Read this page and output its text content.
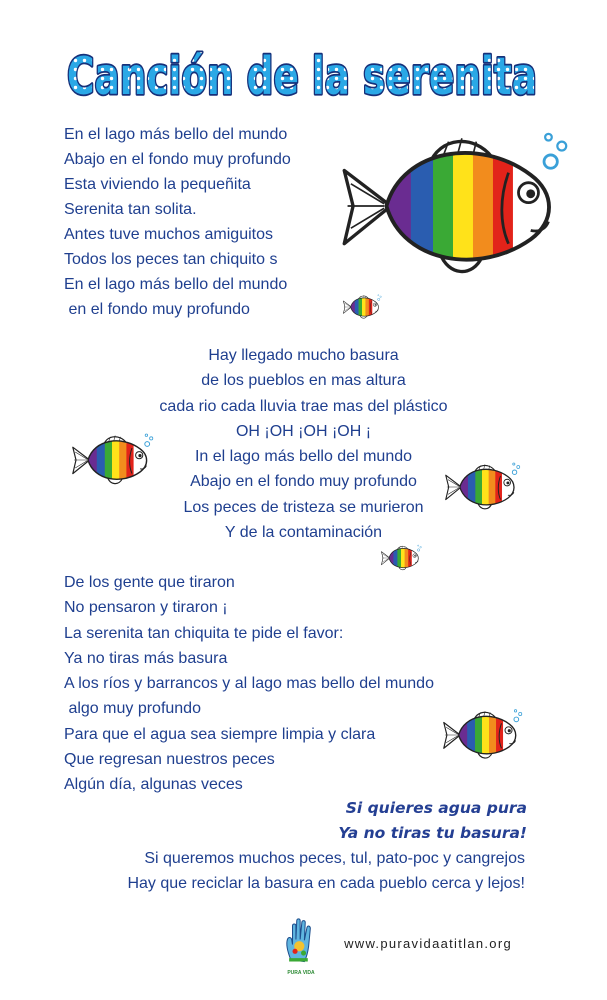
Canción de la serenita
En el lago más bello del mundo
Abajo en el fondo muy profundo
Esta viviendo la pequeñita
Serenita tan solita.
Antes tuve muchos amiguitos
Todos los peces tan chiquito s
En el lago más bello del mundo
en el fondo muy profundo
Hay llegado mucho basura
de los pueblos en mas altura
cada rio cada lluvia trae mas del plástico
OH ¡OH ¡OH ¡OH ¡
In el lago más bello del mundo
Abajo en el fondo muy profundo
Los peces de tristeza se murieron
Y de la contaminación
De los gente que tiraron
No pensaron y tiraron ¡
La serenita tan chiquita te pide el favor:
Ya no tiras más basura
A los ríos y barrancos y al lago mas bello del mundo
algo muy profundo
Para que el agua sea siempre limpia y clara
Que regresan nuestros peces
Algún día, algunas veces
Si quieres agua pura
Ya no tiras tu basura!
Si queremos muchos peces, tul, pato-poc y cangrejos
Hay que reciclar la basura en cada pueblo cerca y lejos!
PURA VIDA
www.puravidaatitlan.org
